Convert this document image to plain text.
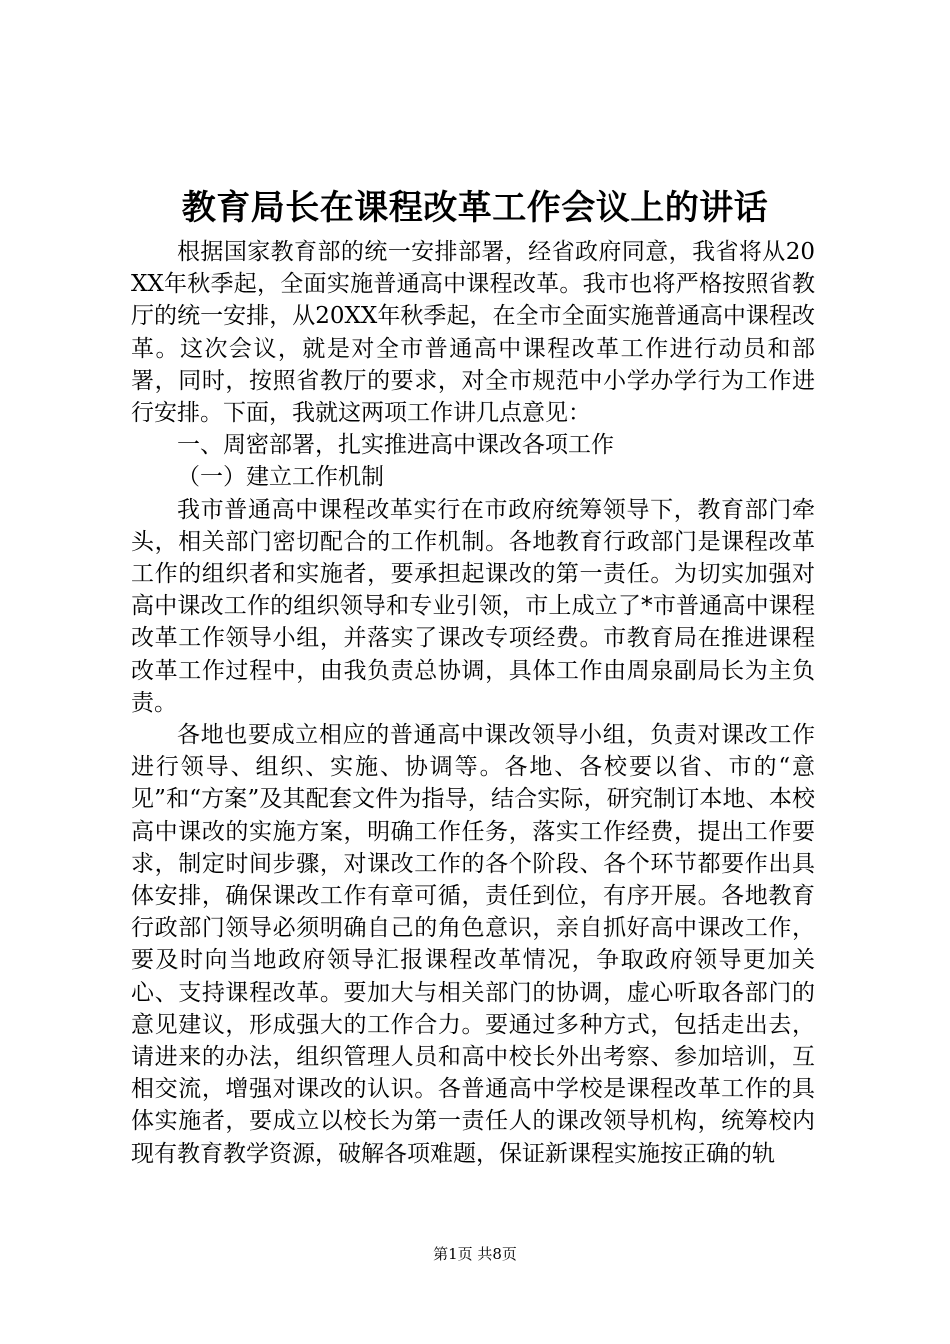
教育局长在课程改革工作会议上的讲话

根据国家教育部的统一安排部署，经省政府同意，我省将从20XX年秋季起，全面实施普通高中课程改革。我市也将严格按照省教厅的统一安排，从20XX年秋季起，在全市全面实施普通高中课程改革。这次会议，就是对全市普通高中课程改革工作进行动员和部署，同时，按照省教厅的要求，对全市规范中小学办学行为工作进行安排。下面，我就这两项工作讲几点意见：

一、周密部署，扎实推进高中课改各项工作

（一）建立工作机制

我市普通高中课程改革实行在市政府统筹领导下，教育部门牵头，相关部门密切配合的工作机制。各地教育行政部门是课程改革工作的组织者和实施者，要承担起课改的第一责任。为切实加强对高中课改工作的组织领导和专业引领，市上成立了*市普通高中课程改革工作领导小组，并落实了课改专项经费。市教育局在推进课程改革工作过程中，由我负责总协调，具体工作由周泉副局长为主负责。

各地也要成立相应的普通高中课改领导小组，负责对课改工作进行领导、组织、实施、协调等。各地、各校要以省、市的“意见”和“方案”及其配套文件为指导，结合实际，研究制订本地、本校高中课改的实施方案，明确工作任务，落实工作经费，提出工作要求，制定时间步骤，对课改工作的各个阶段、各个环节都要作出具体安排，确保课改工作有章可循，责任到位，有序开展。各地教育行政部门领导必须明确自己的角色意识，亲自抓好高中课改工作，要及时向当地政府领导汇报课程改革情况，争取政府领导更加关心、支持课程改革。要加大与相关部门的协调，虚心听取各部门的意见建议，形成强大的工作合力。要通过多种方式，包括走出去，请进来的办法，组织管理人员和高中校长外出考察、参加培训，互相交流，增强对课改的认识。各普通高中学校是课程改革工作的具体实施者，要成立以校长为第一责任人的课改领导机构，统筹校内现有教育教学资源，破解各项难题，保证新课程实施按正确的轨

第1页 共8页
